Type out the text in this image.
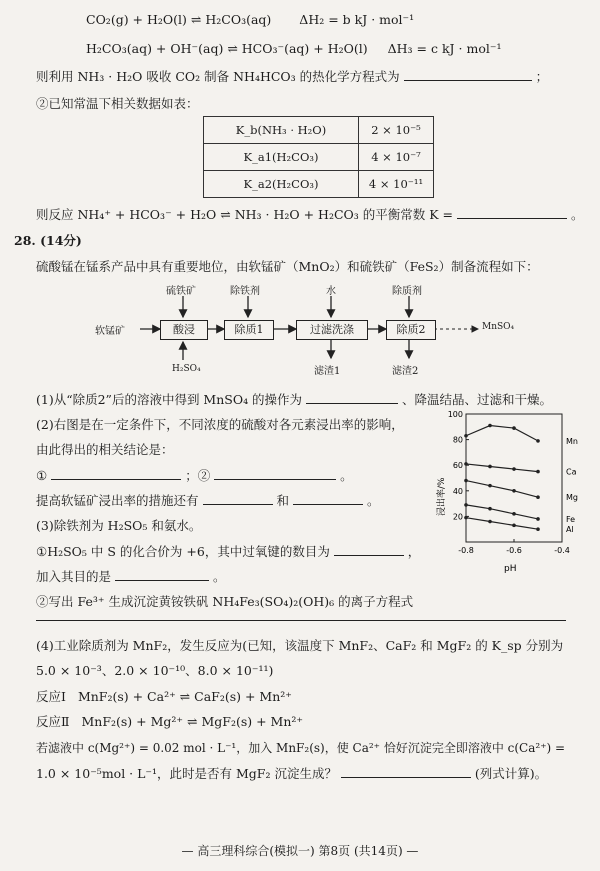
CO₂(g) + H₂O(l) ⇌ H₂CO₃(aq) ΔH₂ = b kJ · mol⁻¹
H₂CO₃(aq) + OH⁻(aq) ⇌ HCO₃⁻(aq) + H₂O(l) ΔH₃ = c kJ · mol⁻¹
则利用 NH₃ · H₂O 吸收 CO₂ 制备 NH₄HCO₃ 的热化学方程式为	；
②已知常温下相关数据如表：
K_b(NH₃ · H₂O)	2 × 10⁻⁵
K_a1(H₂CO₃)	4 × 10⁻⁷
K_a2(H₂CO₃)	4 × 10⁻¹¹
则反应 NH₄⁺ + HCO₃⁻ + H₂O ⇌ NH₃ · H₂O + H₂CO₃ 的平衡常数 K =	。
28. (14分)
硫酸锰在锰系产品中具有重要地位，由软锰矿（MnO₂）和硫铁矿（FeS₂）制备流程如下：
软锰矿
硫铁矿	除铁剂	水	除质剂
酸浸	除质1	过滤洗涤	除质2	MnSO₄
H₂SO₄	滤渣1	滤渣2
(1)从“除质2”后的溶液中得到 MnSO₄ 的操作为	、降温结晶、过滤和干燥。
(2)右图是在一定条件下，不同浓度的硫酸对各元素浸出率的影响，
由此得出的相关结论是：
①	；②	。
提高软锰矿浸出率的措施还有	和	。	浸出率/%
pH
20
40
60
80
100
-0.8	-0.6	-0.4
Mn
Ca
Mg
Fe
Al
(3)除铁剂为 H₂SO₅ 和氨水。
①H₂SO₅ 中 S 的化合价为 +6，其中过氧键的数目为	，
加入其目的是	。
②写出 Fe³⁺ 生成沉淀黄铵铁矾 NH₄Fe₃(SO₄)₂(OH)₆ 的离子方程式
(4)工业除质剂为 MnF₂，发生反应为(已知，该温度下 MnF₂、CaF₂ 和 MgF₂ 的 K_sp 分别为
5.0 × 10⁻³、2.0 × 10⁻¹⁰、8.0 × 10⁻¹¹)
反应Ⅰ MnF₂(s) + Ca²⁺ ⇌ CaF₂(s) + Mn²⁺
反应Ⅱ MnF₂(s) + Mg²⁺ ⇌ MgF₂(s) + Mn²⁺
若滤液中 c(Mg²⁺) = 0.02 mol · L⁻¹，加入 MnF₂(s)，使 Ca²⁺ 恰好沉淀完全即溶液中 c(Ca²⁺) =
1.0 × 10⁻⁵mol · L⁻¹，此时是否有 MgF₂ 沉淀生成？	(列式计算)。
— 高三理科综合(模拟一) 第8页 (共14页) —
